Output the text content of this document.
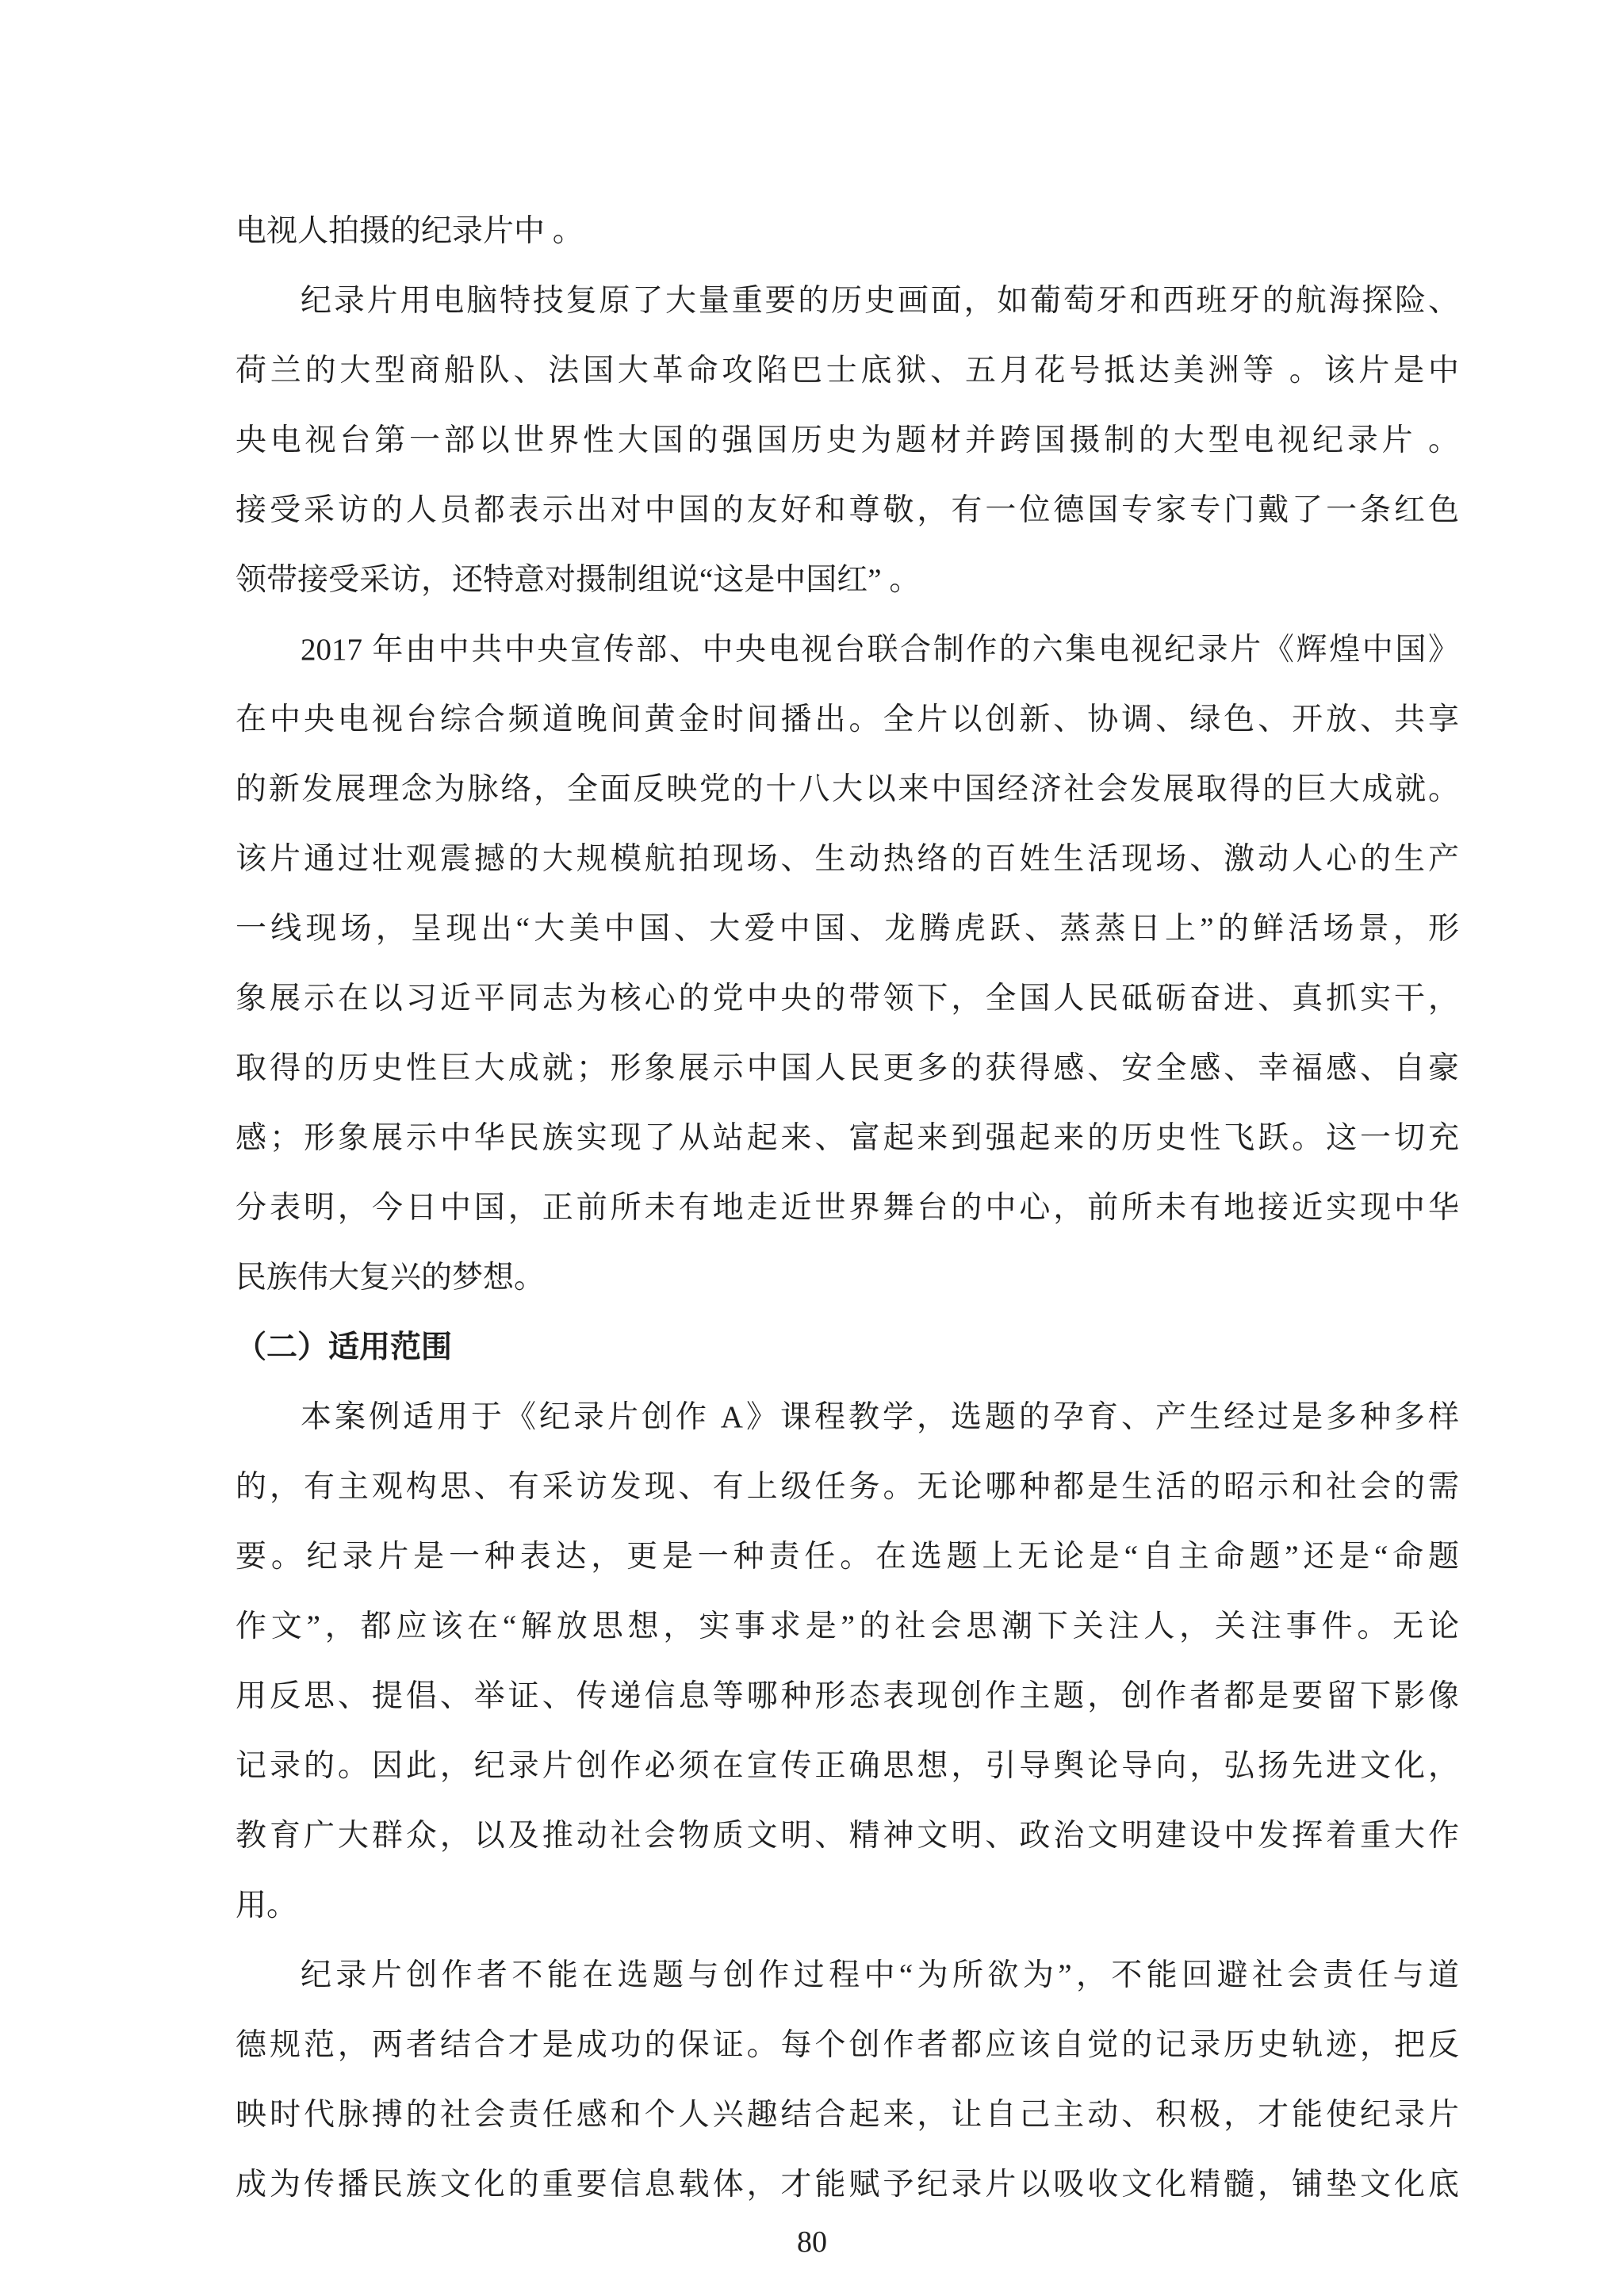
电视人拍摄的纪录片中 。
纪录片用电脑特技复原了大量重要的历史画面，如葡萄牙和西班牙的航海探险、
荷兰的大型商船队、法国大革命攻陷巴士底狱、五月花号抵达美洲等 。该片是中
央电视台第一部以世界性大国的强国历史为题材并跨国摄制的大型电视纪录片 。
接受采访的人员都表示出对中国的友好和尊敬，有一位德国专家专门戴了一条红色
领带接受采访，还特意对摄制组说“这是中国红” 。
2017 年由中共中央宣传部、中央电视台联合制作的六集电视纪录片《辉煌中国》
在中央电视台综合频道晚间黄金时间播出。全片以创新、协调、绿色、开放、共享
的新发展理念为脉络，全面反映党的十八大以来中国经济社会发展取得的巨大成就。
该片通过壮观震撼的大规模航拍现场、生动热络的百姓生活现场、激动人心的生产
一线现场，呈现出“大美中国、大爱中国、龙腾虎跃、蒸蒸日上”的鲜活场景，形
象展示在以习近平同志为核心的党中央的带领下，全国人民砥砺奋进、真抓实干，
取得的历史性巨大成就；形象展示中国人民更多的获得感、安全感、幸福感、自豪
感；形象展示中华民族实现了从站起来、富起来到强起来的历史性飞跃。这一切充
分表明，今日中国，正前所未有地走近世界舞台的中心，前所未有地接近实现中华
民族伟大复兴的梦想。
（二）适用范围
本案例适用于《纪录片创作 A》课程教学，选题的孕育、产生经过是多种多样
的，有主观构思、有采访发现、有上级任务。无论哪种都是生活的昭示和社会的需
要。纪录片是一种表达，更是一种责任。在选题上无论是“自主命题”还是“命题
作文”，都应该在“解放思想，实事求是”的社会思潮下关注人，关注事件。无论
用反思、提倡、举证、传递信息等哪种形态表现创作主题，创作者都是要留下影像
记录的。因此，纪录片创作必须在宣传正确思想，引导舆论导向，弘扬先进文化，
教育广大群众，以及推动社会物质文明、精神文明、政治文明建设中发挥着重大作
用。
纪录片创作者不能在选题与创作过程中“为所欲为”，不能回避社会责任与道
德规范，两者结合才是成功的保证。每个创作者都应该自觉的记录历史轨迹，把反
映时代脉搏的社会责任感和个人兴趣结合起来，让自己主动、积极，才能使纪录片
成为传播民族文化的重要信息载体，才能赋予纪录片以吸收文化精髓，铺垫文化底
80
